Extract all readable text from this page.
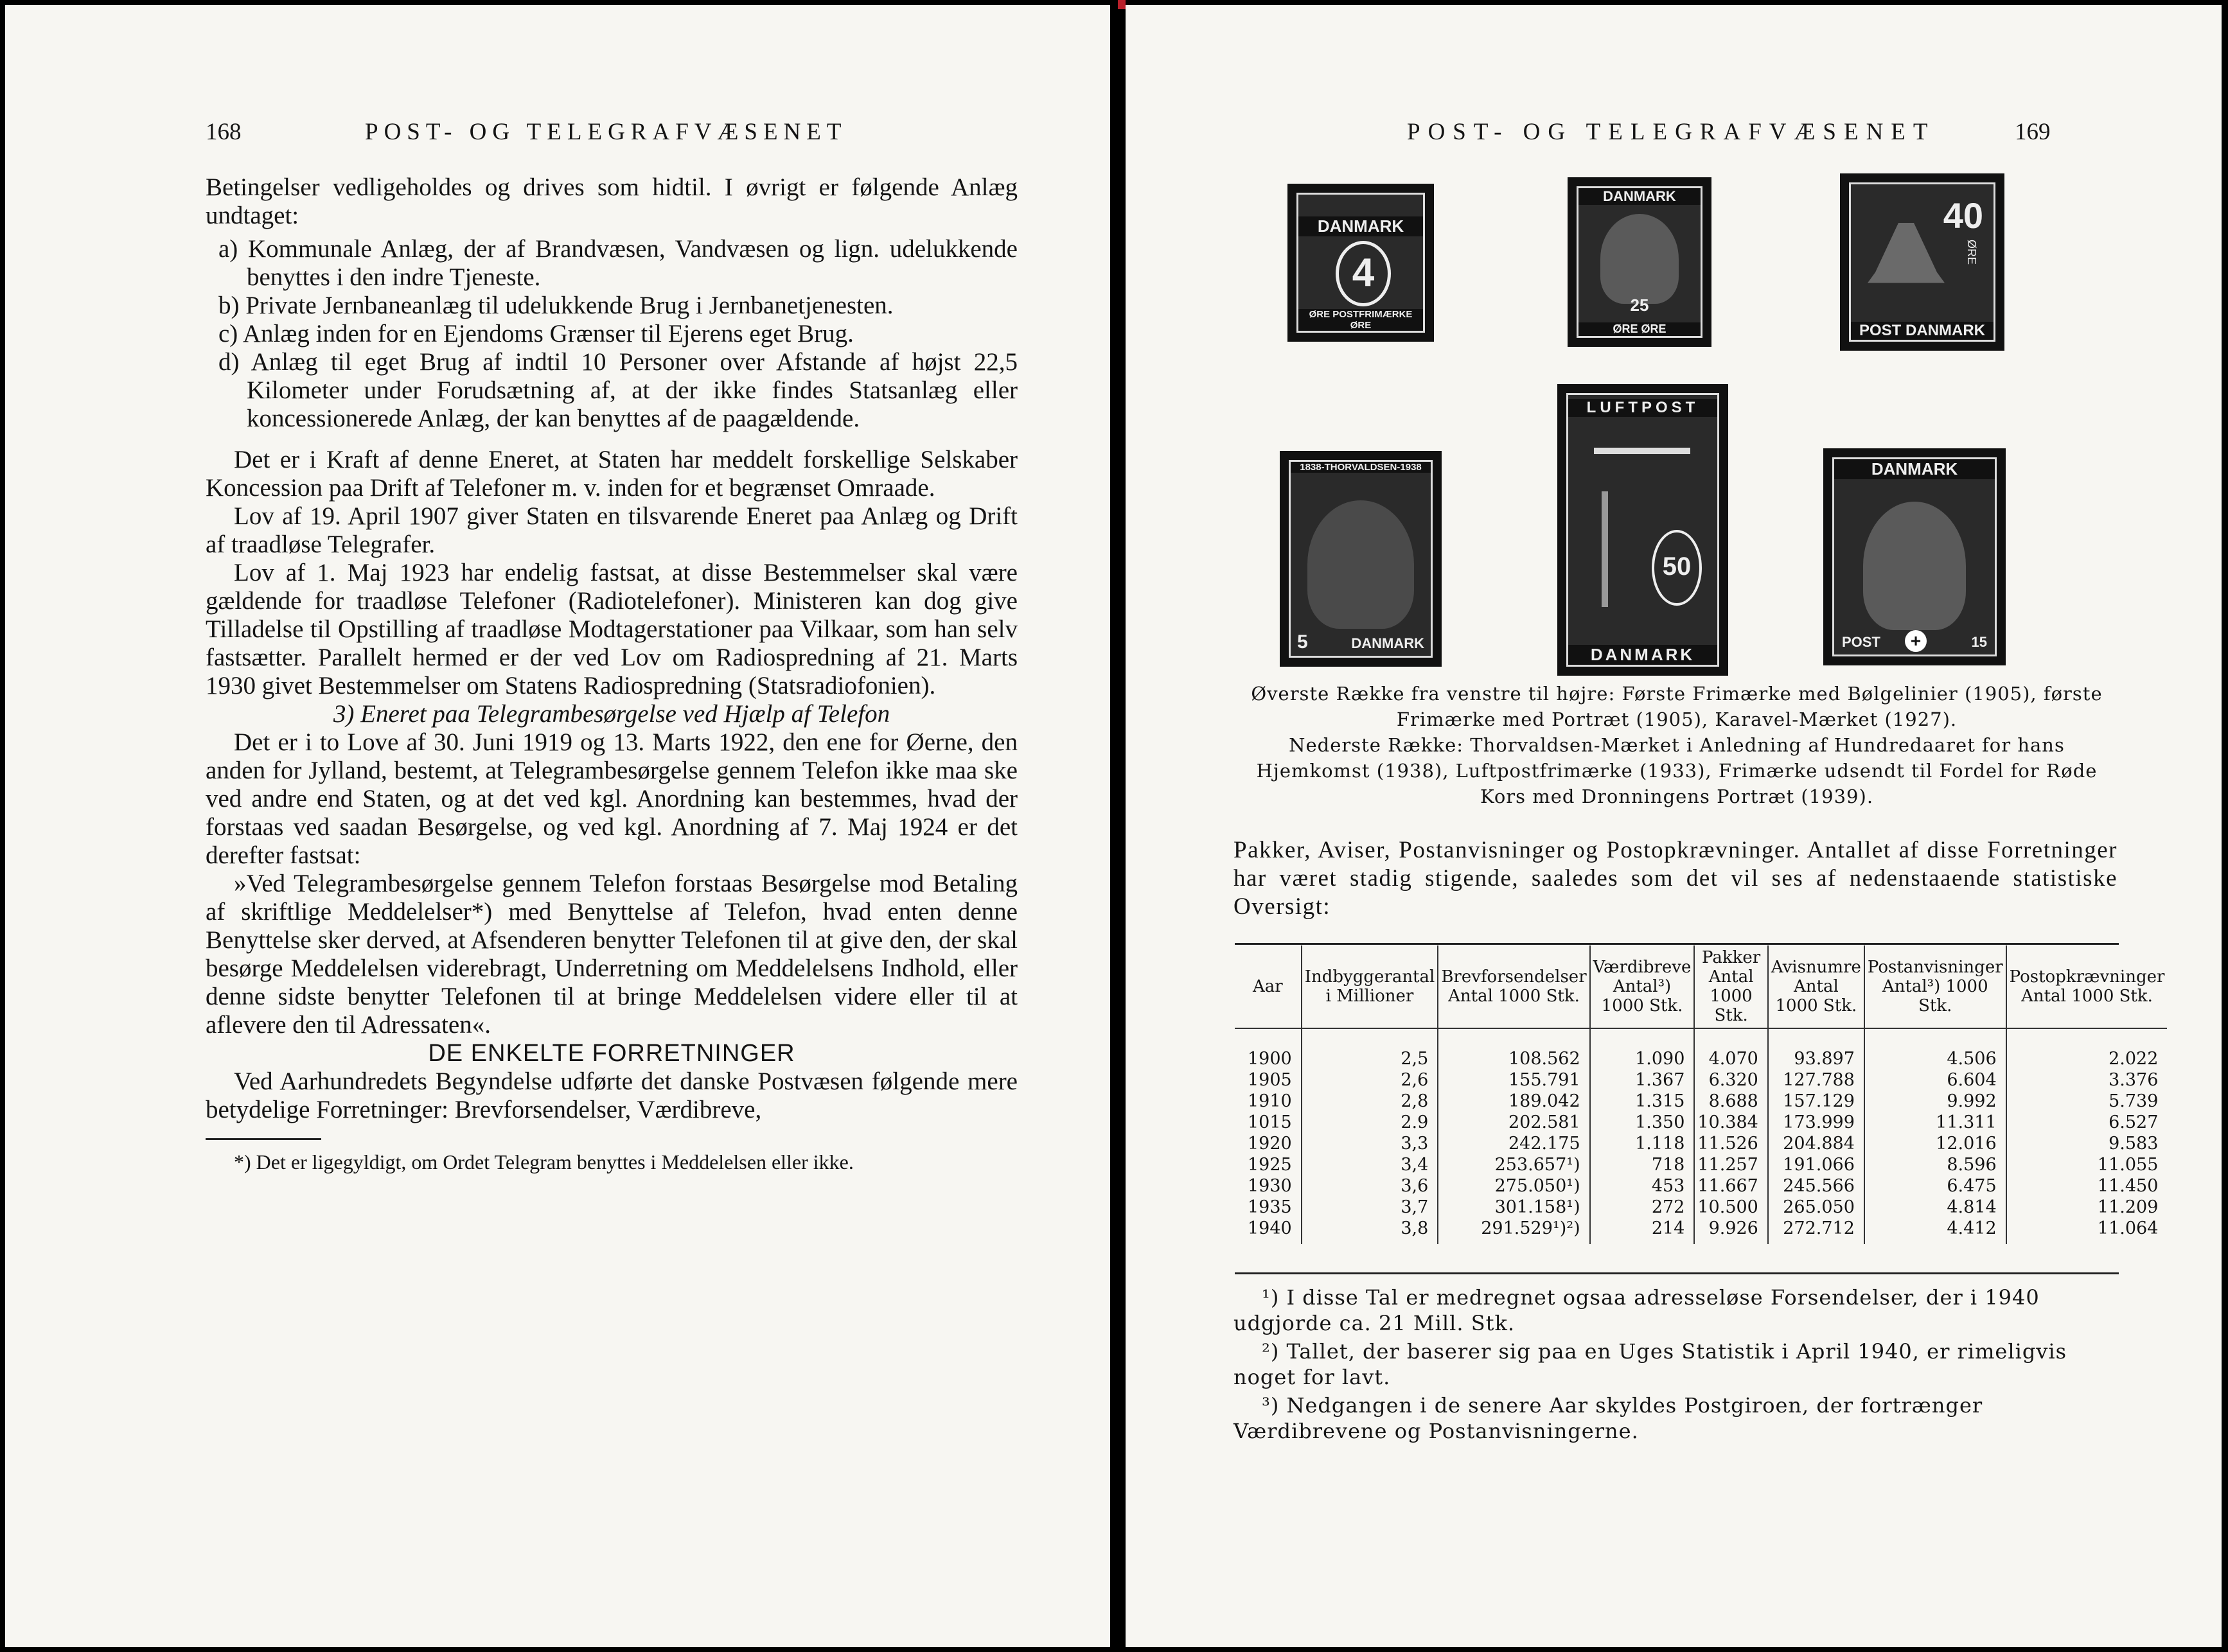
168	POST- OG TELEGRAFVÆSENET

Betingelser vedligeholdes og drives som hidtil. I øvrigt er følgende Anlæg undtaget:

a) Kommunale Anlæg, der af Brandvæsen, Vandvæsen og lign. udelukkende benyttes i den indre Tjeneste.

b) Private Jernbaneanlæg til udelukkende Brug i Jernbanetjenesten.

c) Anlæg inden for en Ejendoms Grænser til Ejerens eget Brug.

d) Anlæg til eget Brug af indtil 10 Personer over Afstande af højst 22,5 Kilometer under Forudsætning af, at der ikke findes Statsanlæg eller koncessionerede Anlæg, der kan benyttes af de paagældende.

Det er i Kraft af denne Eneret, at Staten har meddelt forskellige Selskaber Koncession paa Drift af Telefoner m. v. inden for et begrænset Omraade.

Lov af 19. April 1907 giver Staten en tilsvarende Eneret paa Anlæg og Drift af traadløse Telegrafer.

Lov af 1. Maj 1923 har endelig fastsat, at disse Bestemmelser skal være gældende for traadløse Telefoner (Radiotelefoner). Ministeren kan dog give Tilladelse til Opstilling af traadløse Modtagerstationer paa Vilkaar, som han selv fastsætter. Parallelt hermed er der ved Lov om Radiospredning af 21. Marts 1930 givet Bestemmelser om Statens Radiospredning (Statsradiofonien).

3) Eneret paa Telegrambesørgelse ved Hjælp af Telefon

Det er i to Love af 30. Juni 1919 og 13. Marts 1922, den ene for Øerne, den anden for Jylland, bestemt, at Telegrambesørgelse gennem Telefon ikke maa ske ved andre end Staten, og at det ved kgl. Anordning kan bestemmes, hvad der forstaas ved saadan Besørgelse, og ved kgl. Anordning af 7. Maj 1924 er det derefter fastsat:

»Ved Telegrambesørgelse gennem Telefon forstaas Besørgelse mod Betaling af skriftlige Meddelelser*) med Benyttelse af Telefon, hvad enten denne Benyttelse sker derved, at Afsenderen benytter Telefonen til at give den, der skal besørge Meddelelsen viderebragt, Underretning om Meddelelsens Indhold, eller denne sidste benytter Telefonen til at bringe Meddelelsen videre eller til at aflevere den til Adressaten«.

DE ENKELTE FORRETNINGER

Ved Aarhundredets Begyndelse udførte det danske Postvæsen følgende mere betydelige Forretninger: Brevforsendelser, Værdibreve,

*) Det er ligegyldigt, om Ordet Telegram benyttes i Meddelelsen eller ikke.

POST- OG TELEGRAFVÆSENET	169
DANMARK
4
ØRE POSTFRIMÆRKE ØRE
DANMARK
25
ØRE ØRE
40
ØRE
POST DANMARK
1838-THORVALDSEN-1938
5	DANMARK
LUFTPOST
50
DANMARK
DANMARK
POST	+	15
Øverste Række fra venstre til højre: Første Frimærke med Bølgelinier (1905), første Frimærke med Portræt (1905), Karavel-Mærket (1927).
Nederste Række: Thorvaldsen-Mærket i Anledning af Hundredaaret for hans Hjemkomst (1938), Luftpostfrimærke (1933), Frimærke udsendt til Fordel for Røde Kors med Dronningens Portræt (1939).
Pakker, Aviser, Postanvisninger og Postopkrævninger. Antallet af disse Forretninger har været stadig stigende, saaledes som det vil ses af nedenstaaende statistiske Oversigt:
Aar	Indbyggerantal i Millioner	Brevforsendelser Antal 1000 Stk.	Værdibreve Antal³) 1000 Stk.	Pakker Antal 1000 Stk.	Avisnumre Antal 1000 Stk.	Postanvisninger Antal³) 1000 Stk.	Postopkrævninger Antal 1000 Stk.

1900	2,5	108.562	1.090	4.070	93.897	4.506	2.022
1905	2,6	155.791	1.367	6.320	127.788	6.604	3.376
1910	2,8	189.042	1.315	8.688	157.129	9.992	5.739
1015	2.9	202.581	1.350	10.384	173.999	11.311	6.527
1920	3,3	242.175	1.118	11.526	204.884	12.016	9.583
1925	3,4	253.657¹)	718	11.257	191.066	8.596	11.055
1930	3,6	275.050¹)	453	11.667	245.566	6.475	11.450
1935	3,7	301.158¹)	272	10.500	265.050	4.814	11.209
1940	3,8	291.529¹)²)	214	9.926	272.712	4.412	11.064

¹) I disse Tal er medregnet ogsaa adresseløse Forsendelser, der i 1940 udgjorde ca. 21 Mill. Stk.

²) Tallet, der baserer sig paa en Uges Statistik i April 1940, er rimeligvis noget for lavt.

³) Nedgangen i de senere Aar skyldes Postgiroen, der fortrænger Værdibrevene og Postanvisningerne.
